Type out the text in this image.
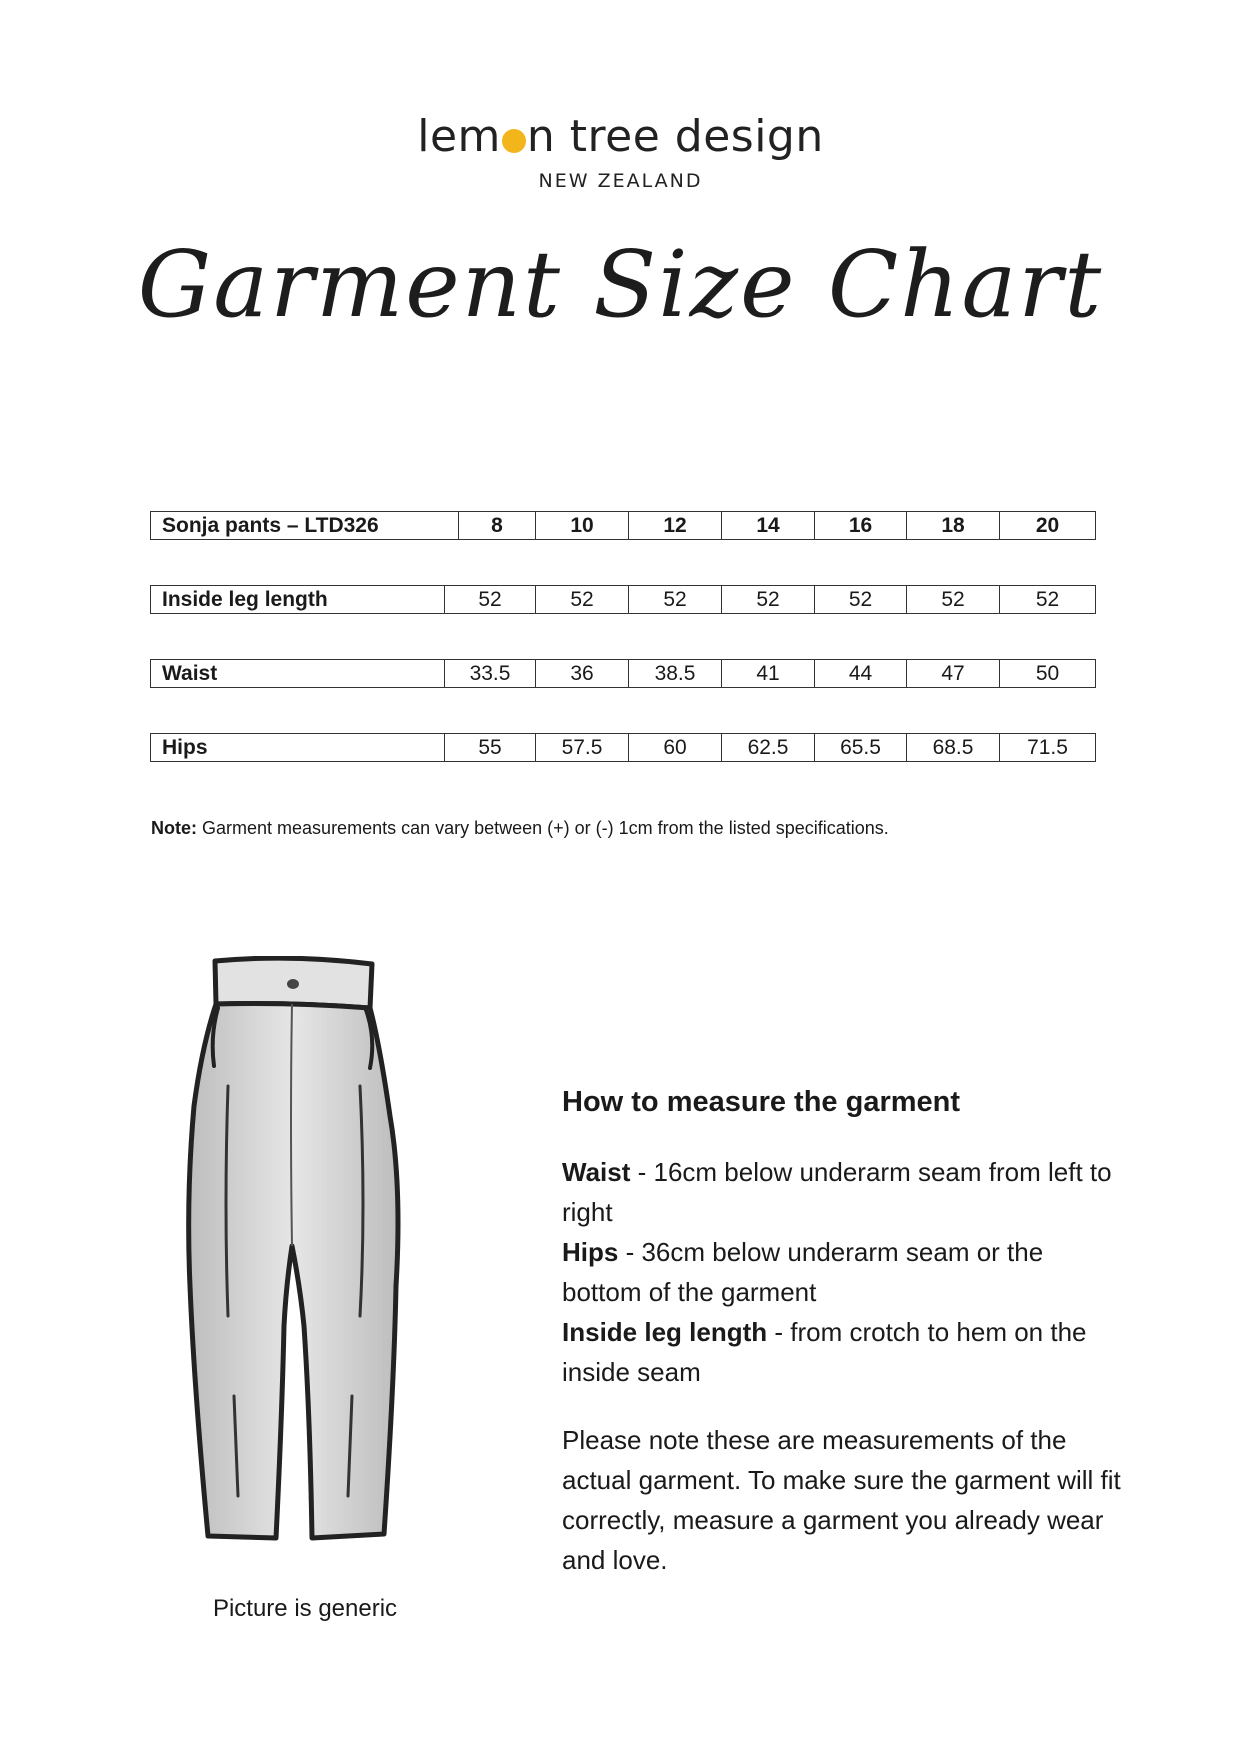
lem n tree design
NEW ZEALAND
Garment Size Chart
Sonja pants – LTD326	8	10	12	14	16	18	20
Inside leg length	52	52	52	52	52	52	52
Waist	33.5	36	38.5	41	44	47	50
Hips	55	57.5	60	62.5	65.5	68.5	71.5
Note: Garment measurements can vary between (+) or (-) 1cm from the listed specifications.
Picture is generic
How to measure the garment

Waist - 16cm below underarm seam from left to right

Hips - 36cm below underarm seam or the bottom of the garment

Inside leg length - from crotch to hem on the inside seam

Please note these are measurements of the actual garment. To make sure the garment will fit correctly, measure a garment you already wear and love.
